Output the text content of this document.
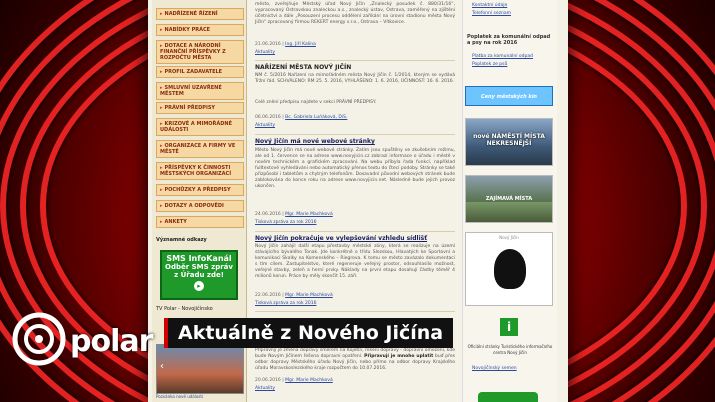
▸ NADŘÍZENÉ ŘÍZENÍ
▸ NABÍDKY PRÁCE
▸ DOTACE A NÁRODNÍ FINANČNÍ PŘÍSPĚVKY Z ROZPOČTU MĚSTA
▸ PROFIL ZADAVATELE
▸ SMLUVNÍ UZAVŘENÉ MĚSTEM
▸ PRÁVNÍ PŘEDPISY
▸ KRIZOVÉ A MIMOŘÁDNÉ UDÁLOSTI
▸ ORGANIZACE A FIRMY VE MĚSTĚ
▸ PŘÍSPĚVKY K ČINNOSTI MĚSTSKÝCH ORGANIZACÍ
▸ POCHŮZKY A PŘEDPISY
▸ DOTAZY A ODPOVĚDI
▸ ANKETY
Významné odkazy
SMS InfoKanál
Odběr SMS zpráv
z Úřadu zde!
▸
TV Polar - Novojičínsko
‹
Pozvánka nové události
město, zveřejňuje Městský úřad Nový Jičín „Znalecký posudek č. 880/31/16“, vypracovaný Ostravskou znaleckou a.s., znalecký ústav, Ostrava, zaměřený na zjištění účetnictví a dále „Posouzení procesu oddělení zaříkání na úrovni stadionu města Nový Jičín“ zpracovaný firmou REKERT energy s.r.o., Ostrava – Vítkovice.
21.06.2016 | Ing. Jiří Kalina
Aktuality
NAŘÍZENÍ MĚSTA NOVÝ JIČÍN
NM č. 5/2016 Nařízení na mimořádném města Nový Jičín č. 1/2014, kterým se vydává Tržní řád. SCHVÁLENO: RM 25. 5. 2016, VYHLÁŠENO: 1. 6. 2016, ÚČINNOST: 16. 6. 2016.
Celé znění předpisu najdete v sekci PRÁVNÍ PŘEDPISY.
06.06.2016 | Bc. Gabriela Luňáková, DiS.
Aktuality
Nový Jičín má nové webové stránky
Město Nový Jičín má nové webové stránky. Zatím jsou spuštěny ve zkušebním režimu, ale od 1. července se na adrese www.novyjicin.cz zobrazí informace o úřadu i městě v novém technickém a grafickém zpracování. Na webu přibyla řada funkcí, například fulltextové vyhledávání nebo automatický přenos textu do čtecí podoby. Stránky se také přizpůsobí i tabletům a chytrým telefonům. Dosavadní původní webových stránek bude zablokována do konce roku na adrese www.novyjicin.net. Následně bude jejich provoz ukončen.
24.06.2016 | Mgr. Marie Machková
Tisková zpráva za rok 2016
Nový Jičín pokračuje ve vylepšování vzhledu sídlišť
Nový Jičín zahájil další etapu přestavby městské zóny, která se realizuje na území stávajícího bývalého Tonak. Jde konkrétně o třídu Slezskou, Hlavatých ke Sportovní a komunikaci Skalky na Komenského – Riegrova. K tomu se město zavázalo dokumentaci s tím cílem. Zastupitelstvo, které regeneruje veřejný prostor, odsouhlasilo možnost, veřejné stavby, zeleň a herní prvky. Náklady na první etapu dosahují částky téměř 4 milionů korun. Práce by měly skončit 15. září.
22.06.2016 | Mgr. Marie Machková
Tisková zpráva za rok 2016
Přípravný je změna dopravy směrem na Kojetín, řešení dopravy - dopravní omezení, kde bude Novým Jičínem řešena dopravní opatření. Připravují je mnoho uplatit buď přes odbor dopravy Městského úřadu Nový Jičín, nebo přímo na odbor dopravy Krajského úřadu Moravskoslezského kraje rozpočtem do 10.07.2016.
20.06.2016 | Mgr. Marie Machková
Aktuality
Kontaktní údaje
Telefonní seznam
Poplatek za komunální odpad a psy na rok 2016
Platba za komunální odpad
Poplatek ze psů
Ceny městských kin
nové NÁMĚSTÍ MÍSTA NEKRESNĚJŠÍ
ZAJÍMAVÁ MÍSTA
Nový Jičín
i
Oficiální stránky Turistického informačního centra Nový Jičín
Novojičínský semen
polar	Aktuálně z Nového Jičína
